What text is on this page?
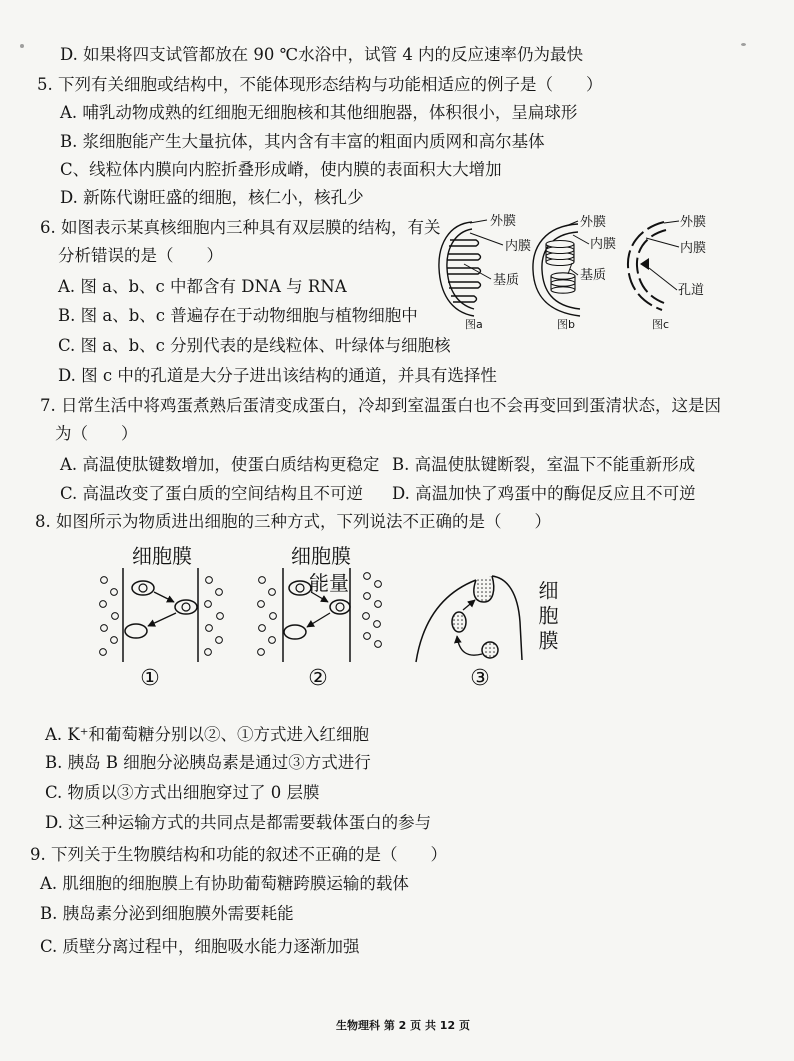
D. 如果将四支试管都放在 90 ℃水浴中，试管 4 内的反应速率仍为最快
5. 下列有关细胞或结构中，不能体现形态结构与功能相适应的例子是（　　）
A. 哺乳动物成熟的红细胞无细胞核和其他细胞器，体积很小，呈扁球形
B. 浆细胞能产生大量抗体，其内含有丰富的粗面内质网和高尔基体
C、线粒体内膜向内腔折叠形成嵴，使内膜的表面积大大增加
D. 新陈代谢旺盛的细胞，核仁小，核孔少
6. 如图表示某真核细胞内三种具有双层膜的结构，有关
分析错误的是（　　）
A. 图 a、b、c 中都含有 DNA 与 RNA
B. 图 a、b、c 普遍存在于动物细胞与植物细胞中
C. 图 a、b、c 分别代表的是线粒体、叶绿体与细胞核
D. 图 c 中的孔道是大分子进出该结构的通道，并具有选择性
外膜
内膜
基质
图a
外膜
内膜
基质
图b
外膜
内膜
孔道
图c
7. 日常生活中将鸡蛋煮熟后蛋清变成蛋白，冷却到室温蛋白也不会再变回到蛋清状态，这是因
为（　　）
A. 高温使肽键数增加，使蛋白质结构更稳定 B. 高温使肽键断裂，室温下不能重新形成
C. 高温改变了蛋白质的空间结构且不可逆 D. 高温加快了鸡蛋中的酶促反应且不可逆
8. 如图所示为物质进出细胞的三种方式，下列说法不正确的是（　　）
细胞膜	细胞膜
能量
①	②	③
细胞膜
A. K⁺和葡萄糖分别以②、①方式进入红细胞
B. 胰岛 B 细胞分泌胰岛素是通过③方式进行
C. 物质以③方式出细胞穿过了 0 层膜
D. 这三种运输方式的共同点是都需要载体蛋白的参与
9. 下列关于生物膜结构和功能的叙述不正确的是（　　）
A. 肌细胞的细胞膜上有协助葡萄糖跨膜运输的载体
B. 胰岛素分泌到细胞膜外需要耗能
C. 质壁分离过程中，细胞吸水能力逐渐加强
生物理科 第 2 页 共 12 页
